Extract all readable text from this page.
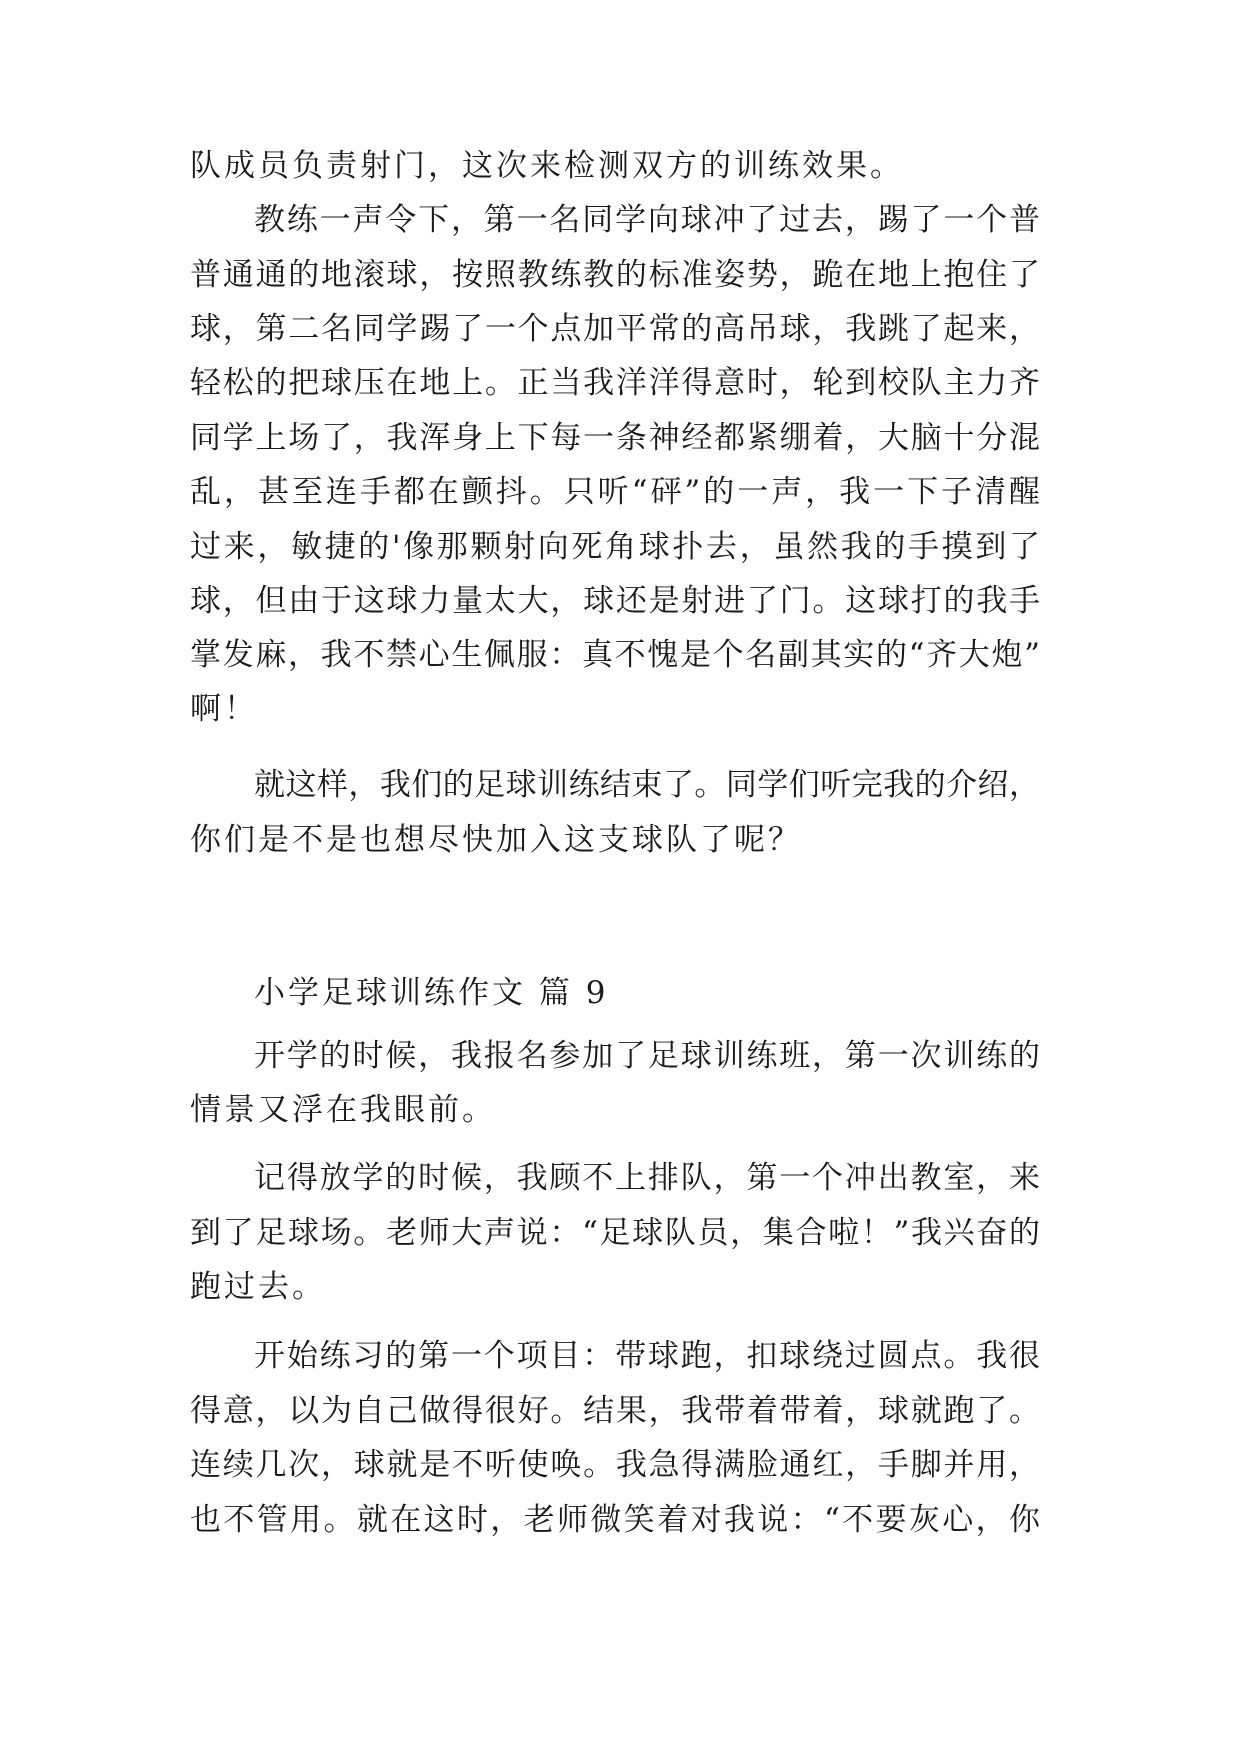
队成员负责射门，这次来检测双方的训练效果。
教练一声令下，第一名同学向球冲了过去，踢了一个普
普通通的地滚球，按照教练教的标准姿势，跪在地上抱住了
球，第二名同学踢了一个点加平常的高吊球，我跳了起来，
轻松的把球压在地上。正当我洋洋得意时，轮到校队主力齐
同学上场了，我浑身上下每一条神经都紧绷着，大脑十分混
乱，甚至连手都在颤抖。只听“砰”的一声，我一下子清醒
过来，敏捷的'像那颗射向死角球扑去，虽然我的手摸到了
球，但由于这球力量太大，球还是射进了门。这球打的我手
掌发麻，我不禁心生佩服：真不愧是个名副其实的“齐大炮”
啊！
就这样，我们的足球训练结束了。同学们听完我的介绍，
你们是不是也想尽快加入这支球队了呢？
小学足球训练作文 篇 9
开学的时候，我报名参加了足球训练班，第一次训练的
情景又浮在我眼前。
记得放学的时候，我顾不上排队，第一个冲出教室，来
到了足球场。老师大声说：“足球队员，集合啦！”我兴奋的
跑过去。
开始练习的第一个项目：带球跑，扣球绕过圆点。我很
得意，以为自己做得很好。结果，我带着带着，球就跑了。
连续几次，球就是不听使唤。我急得满脸通红，手脚并用，
也不管用。就在这时，老师微笑着对我说：“不要灰心，你
